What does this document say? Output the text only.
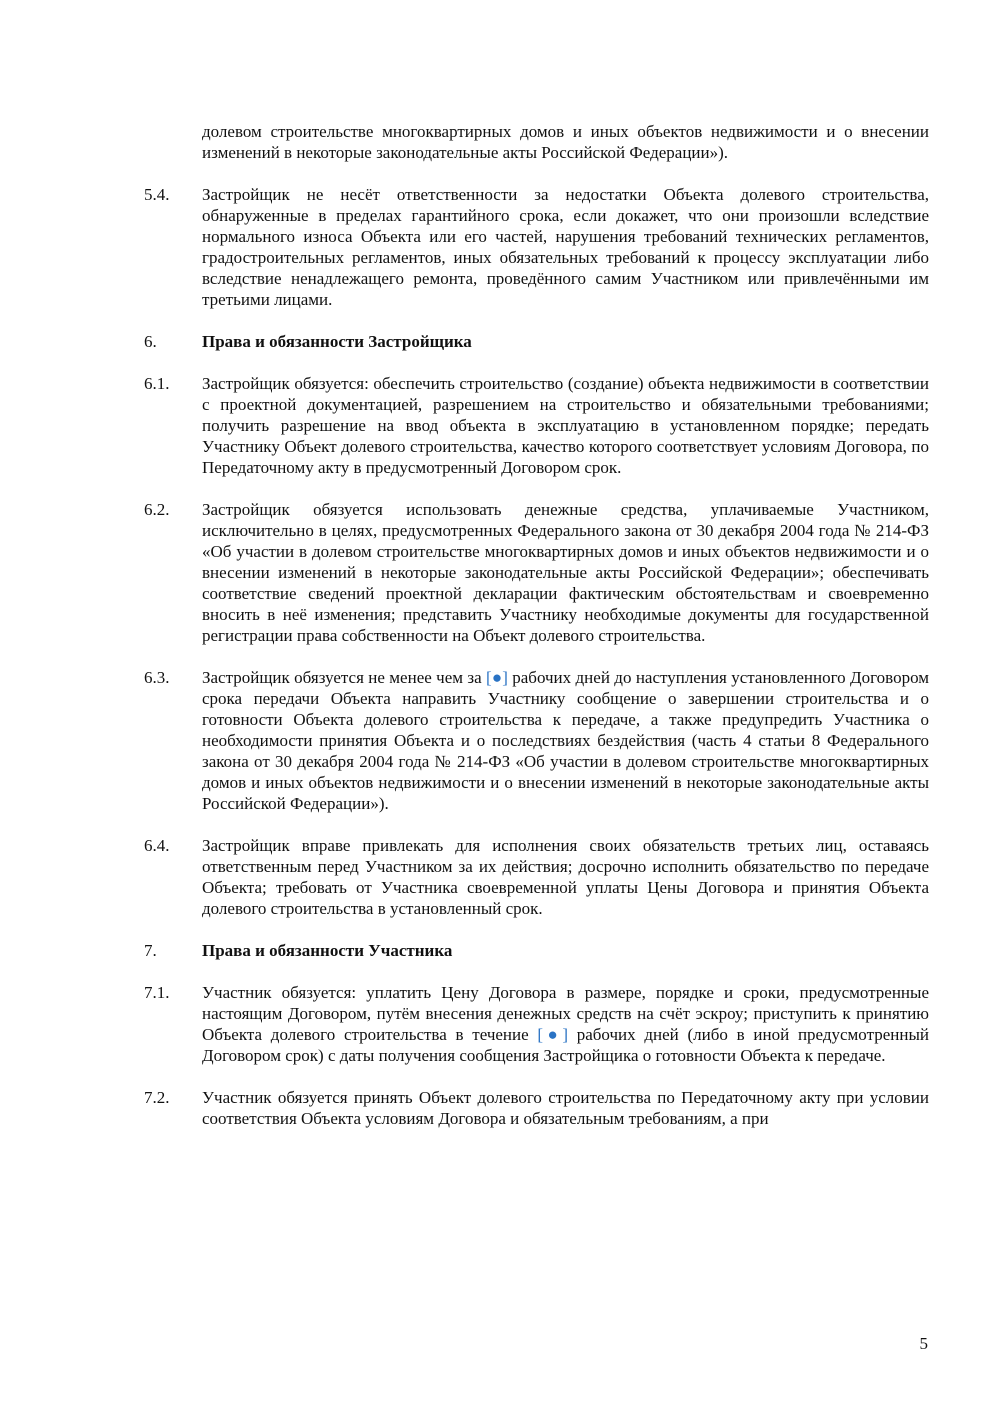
долевом строительстве многоквартирных домов и иных объектов недвижимости и о внесении изменений в некоторые законодательные акты Российской Федерации»).
5.4.	Застройщик не несёт ответственности за недостатки Объекта долевого строительства, обнаруженные в пределах гарантийного срока, если докажет, что они произошли вследствие нормального износа Объекта или его частей, нарушения требований технических регламентов, градостроительных регламентов, иных обязательных требований к процессу эксплуатации либо вследствие ненадлежащего ремонта, проведённого самим Участником или привлечёнными им третьими лицами.
6.	Права и обязанности Застройщика
6.1.	Застройщик обязуется: обеспечить строительство (создание) объекта недвижимости в соответствии с проектной документацией, разрешением на строительство и обязательными требованиями; получить разрешение на ввод объекта в эксплуатацию в установленном порядке; передать Участнику Объект долевого строительства, качество которого соответствует условиям Договора, по Передаточному акту в предусмотренный Договором срок.
6.2.	Застройщик обязуется использовать денежные средства, уплачиваемые Участником, исключительно в целях, предусмотренных Федерального закона от 30 декабря 2004 года № 214-ФЗ «Об участии в долевом строительстве многоквартирных домов и иных объектов недвижимости и о внесении изменений в некоторые законодательные акты Российской Федерации»; обеспечивать соответствие сведений проектной декларации фактическим обстоятельствам и своевременно вносить в неё изменения; представить Участнику необходимые документы для государственной регистрации права собственности на Объект долевого строительства.
6.3.	Застройщик обязуется не менее чем за [●] рабочих дней до наступления установленного Договором срока передачи Объекта направить Участнику сообщение о завершении строительства и о готовности Объекта долевого строительства к передаче, а также предупредить Участника о необходимости принятия Объекта и о последствиях бездействия (часть 4 статьи 8 Федерального закона от 30 декабря 2004 года № 214-ФЗ «Об участии в долевом строительстве многоквартирных домов и иных объектов недвижимости и о внесении изменений в некоторые законодательные акты Российской Федерации»).
6.4.	Застройщик вправе привлекать для исполнения своих обязательств третьих лиц, оставаясь ответственным перед Участником за их действия; досрочно исполнить обязательство по передаче Объекта; требовать от Участника своевременной уплаты Цены Договора и принятия Объекта долевого строительства в установленный срок.
7.	Права и обязанности Участника
7.1.	Участник обязуется: уплатить Цену Договора в размере, порядке и сроки, предусмотренные настоящим Договором, путём внесения денежных средств на счёт эскроу; приступить к принятию Объекта долевого строительства в течение [●] рабочих дней (либо в иной предусмотренный Договором срок) с даты получения сообщения Застройщика о готовности Объекта к передаче.
7.2.	Участник обязуется принять Объект долевого строительства по Передаточному акту при условии соответствия Объекта условиям Договора и обязательным требованиям, а при
5
